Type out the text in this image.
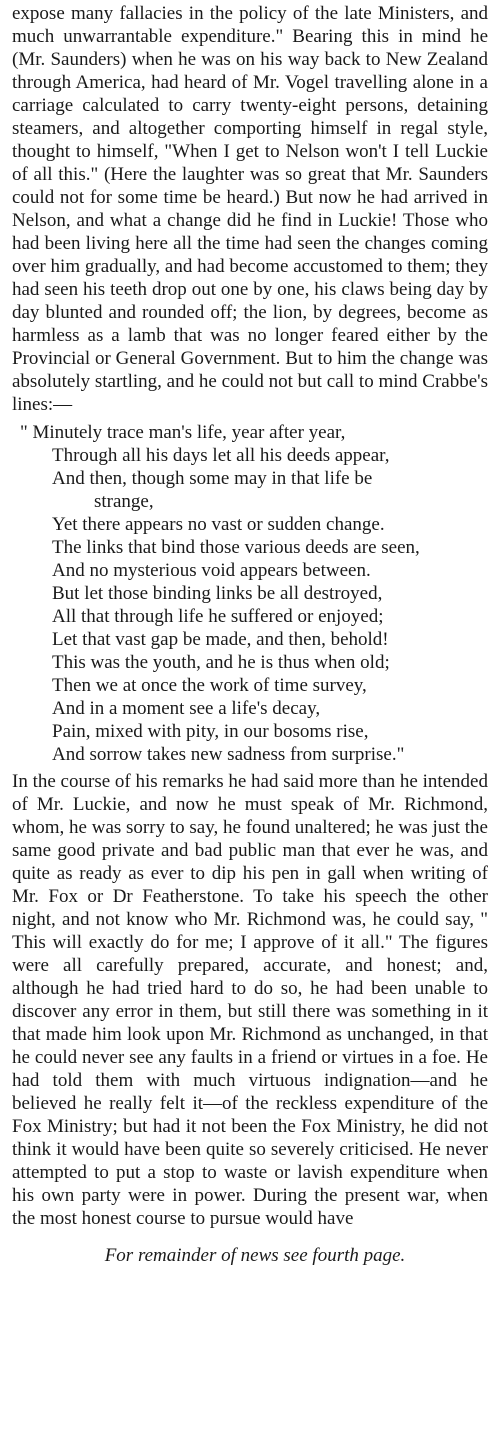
expose many fallacies in the policy of the late Ministers, and much unwarrantable expenditure." Bearing this in mind he (Mr. Saunders) when he was on his way back to New Zealand through America, had heard of Mr. Vogel travelling alone in a carriage calculated to carry twenty-eight persons, detaining steamers, and altogether comporting himself in regal style, thought to himself, "When I get to Nelson won't I tell Luckie of all this." (Here the laughter was so great that Mr. Saunders could not for some time be heard.) But now he had arrived in Nelson, and what a change did he find in Luckie! Those who had been living here all the time had seen the changes coming over him gradually, and had become accustomed to them; they had seen his teeth drop out one by one, his claws being day by day blunted and rounded off; the lion, by degrees, become as harmless as a lamb that was no longer feared either by the Provincial or General Government. But to him the change was absolutely startling, and he could not but call to mind Crabbe's lines:—

" Minutely trace man's life, year after year,
Through all his days let all his deeds appear,
And then, though some may in that life be
strange,
Yet there appears no vast or sudden change.
The links that bind those various deeds are seen,
And no mysterious void appears between.
But let those binding links be all destroyed,
All that through life he suffered or enjoyed;
Let that vast gap be made, and then, behold!
This was the youth, and he is thus when old;
Then we at once the work of time survey,
And in a moment see a life's decay,
Pain, mixed with pity, in our bosoms rise,
And sorrow takes new sadness from surprise."

In the course of his remarks he had said more than he intended of Mr. Luckie, and now he must speak of Mr. Richmond, whom, he was sorry to say, he found unaltered; he was just the same good private and bad public man that ever he was, and quite as ready as ever to dip his pen in gall when writing of Mr. Fox or Dr Featherstone. To take his speech the other night, and not know who Mr. Richmond was, he could say, " This will exactly do for me; I approve of it all." The figures were all carefully prepared, accurate, and honest; and, although he had tried hard to do so, he had been unable to discover any error in them, but still there was something in it that made him look upon Mr. Richmond as unchanged, in that he could never see any faults in a friend or virtues in a foe. He had told them with much virtuous indignation—and he believed he really felt it—of the reckless expenditure of the Fox Ministry; but had it not been the Fox Ministry, he did not think it would have been quite so severely criticised. He never attempted to put a stop to waste or lavish expenditure when his own party were in power. During the present war, when the most honest course to pursue would have

For remainder of news see fourth page.
